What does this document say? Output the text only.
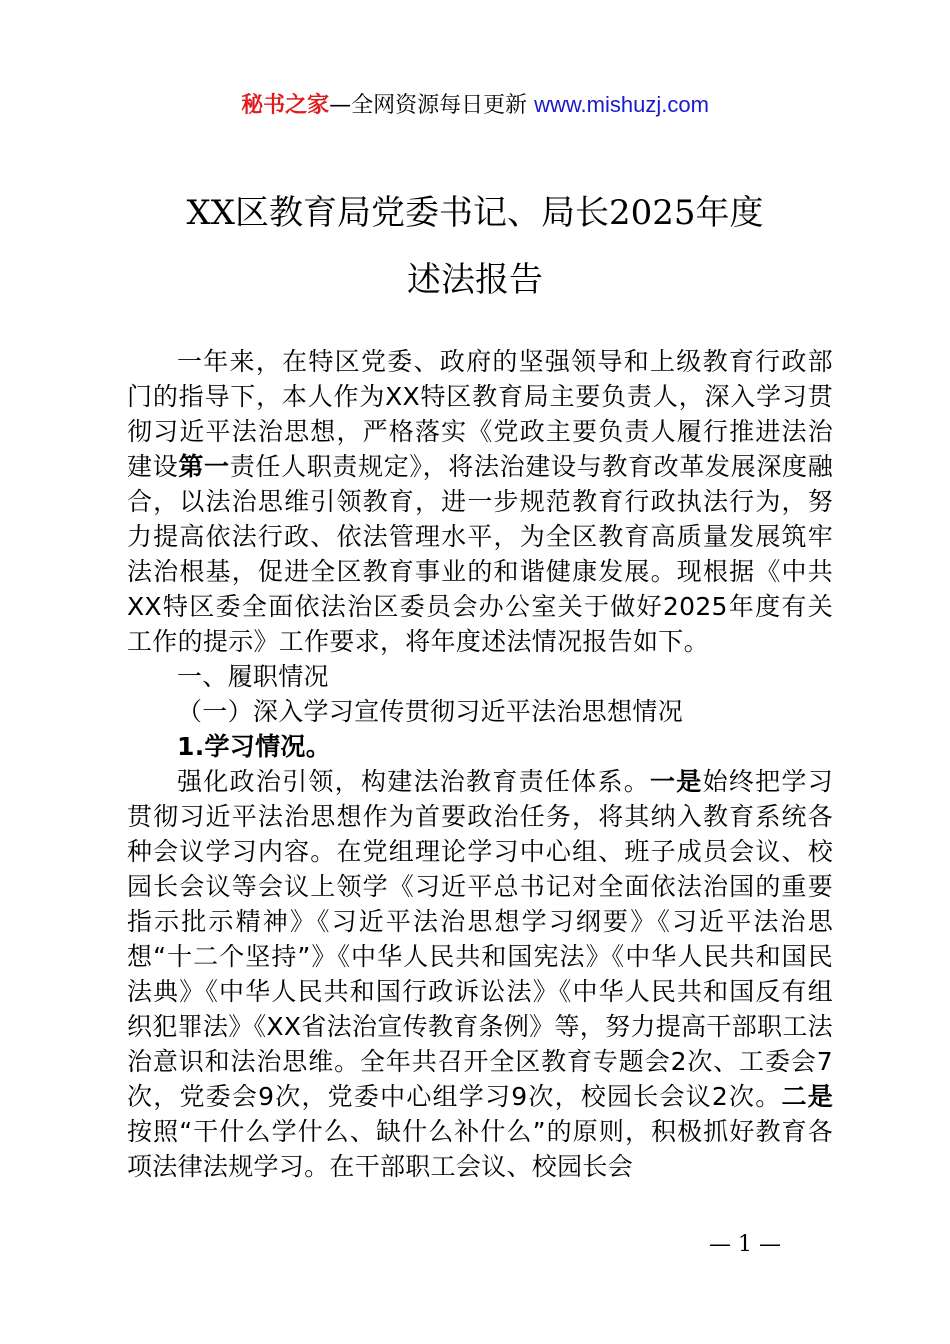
秘书之家—全网资源每日更新 www.mishuzj.com
XX区教育局党委书记、局长2025年度
述法报告

一年来，在特区党委、政府的坚强领导和上级教育行政部门的指导下，本人作为XX特区教育局主要负责人，深入学习贯彻习近平法治思想，严格落实《党政主要负责人履行推进法治建设第一责任人职责规定》，将法治建设与教育改革发展深度融合，以法治思维引领教育，进一步规范教育行政执法行为，努力提高依法行政、依法管理水平，为全区教育高质量发展筑牢法治根基，促进全区教育事业的和谐健康发展。现根据《中共XX特区委全面依法治区委员会办公室关于做好2025年度有关工作的提示》工作要求，将年度述法情况报告如下。

一、履职情况

（一）深入学习宣传贯彻习近平法治思想情况

1.学习情况。

强化政治引领，构建法治教育责任体系。一是始终把学习贯彻习近平法治思想作为首要政治任务，将其纳入教育系统各种会议学习内容。在党组理论学习中心组、班子成员会议、校园长会议等会议上领学《习近平总书记对全面依法治国的重要指示批示精神》《习近平法治思想学习纲要》《习近平法治思想“十二个坚持”》《中华人民共和国宪法》《中华人民共和国民法典》《中华人民共和国行政诉讼法》《中华人民共和国反有组织犯罪法》《XX省法治宣传教育条例》等，努力提高干部职工法治意识和法治思维。全年共召开全区教育专题会2次、工委会7次，党委会9次，党委中心组学习9次，校园长会议2次。二是按照“干什么学什么、缺什么补什么”的原则，积极抓好教育各项法律法规学习。在干部职工会议、校园长会

— 1 —
